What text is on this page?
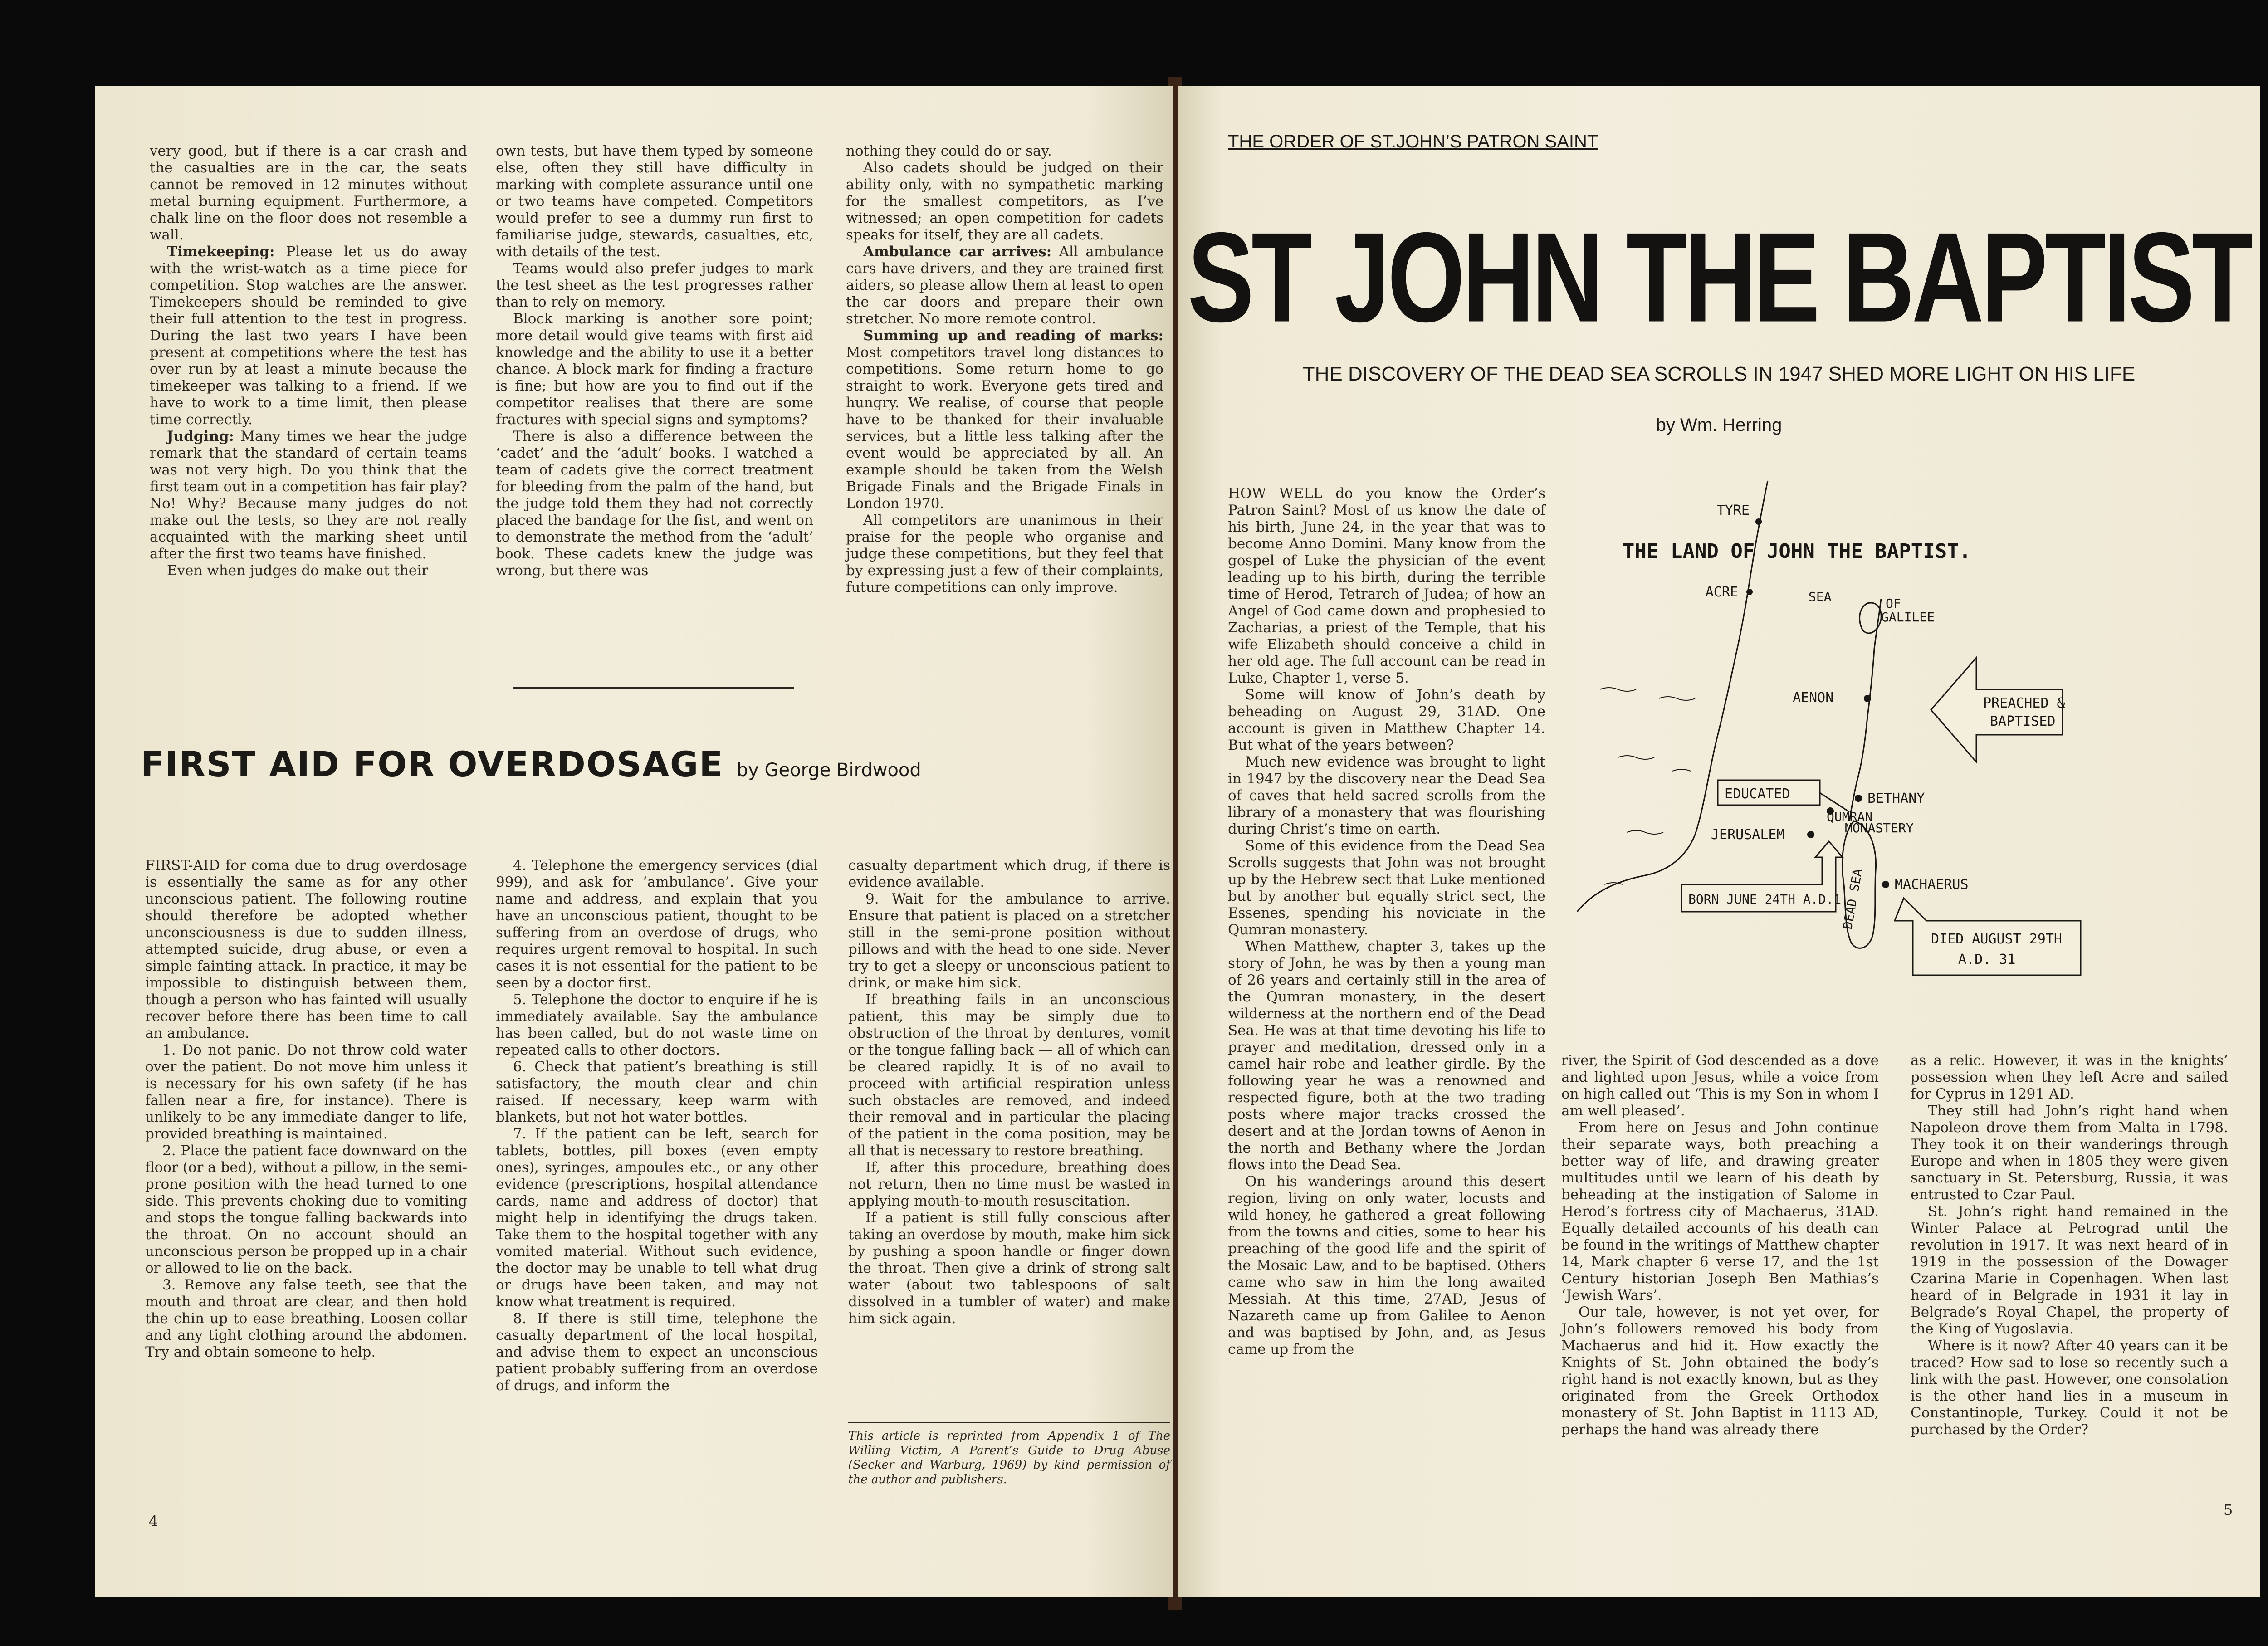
very good, but if there is a car crash and the casualties are in the car, the seats cannot be removed in 12 minutes without metal burning equipment. Furthermore, a chalk line on the floor does not resemble a wall.

Timekeeping: Please let us do away with the wrist-watch as a time piece for competition. Stop watches are the answer. Timekeepers should be reminded to give their full attention to the test in progress. During the last two years I have been present at competitions where the test has over run by at least a minute because the timekeeper was talking to a friend. If we have to work to a time limit, then please time correctly.

Judging: Many times we hear the judge remark that the standard of certain teams was not very high. Do you think that the first team out in a competition has fair play? No! Why? Because many judges do not make out the tests, so they are not really acquainted with the marking sheet until after the first two teams have finished.

Even when judges do make out their

own tests, but have them typed by someone else, often they still have difficulty in marking with complete assurance until one or two teams have competed. Competitors would prefer to see a dummy run first to familiarise judge, stewards, casualties, etc, with details of the test.

Teams would also prefer judges to mark the test sheet as the test progresses rather than to rely on memory.

Block marking is another sore point; more detail would give teams with first aid knowledge and the ability to use it a better chance. A block mark for finding a fracture is fine; but how are you to find out if the competitor realises that there are some fractures with special signs and symptoms?

There is also a difference between the ‘cadet’ and the ‘adult’ books. I watched a team of cadets give the correct treatment for bleeding from the palm of the hand, but the judge told them they had not correctly placed the bandage for the fist, and went on to demonstrate the method from the ‘adult’ book. These cadets knew the judge was wrong, but there was

nothing they could do or say.

Also cadets should be judged on their ability only, with no sympathetic marking for the smallest competitors, as I’ve witnessed; an open competition for cadets speaks for itself, they are all cadets.

Ambulance car arrives: All ambulance cars have drivers, and they are trained first aiders, so please allow them at least to open the car doors and prepare their own stretcher. No more remote control.

Summing up and reading of marks: Most competitors travel long distances to competitions. Some return home to go straight to work. Everyone gets tired and hungry. We realise, of course that people have to be thanked for their invaluable services, but a little less talking after the event would be appreciated by all. An example should be taken from the Welsh Brigade Finals and the Brigade Finals in London 1970.

All competitors are unanimous in their praise for the people who organise and judge these competitions, but they feel that by expressing just a few of their complaints, future competitions can only improve.

FIRST AID FOR OVERDOSAGE by George Birdwood

FIRST-AID for coma due to drug overdosage is essentially the same as for any other unconscious patient. The following routine should therefore be adopted whether unconsciousness is due to sudden illness, attempted suicide, drug abuse, or even a simple fainting attack. In practice, it may be impossible to distinguish between them, though a person who has fainted will usually recover before there has been time to call an ambulance.

1. Do not panic. Do not throw cold water over the patient. Do not move him unless it is necessary for his own safety (if he has fallen near a fire, for instance). There is unlikely to be any immediate danger to life, provided breathing is maintained.

2. Place the patient face downward on the floor (or a bed), without a pillow, in the semi-prone position with the head turned to one side. This prevents choking due to vomiting and stops the tongue falling backwards into the throat. On no account should an unconscious person be propped up in a chair or allowed to lie on the back.

3. Remove any false teeth, see that the mouth and throat are clear, and then hold the chin up to ease breathing. Loosen collar and any tight clothing around the abdomen. Try and obtain someone to help.

4. Telephone the emergency services (dial 999), and ask for ‘ambulance’. Give your name and address, and explain that you have an unconscious patient, thought to be suffering from an overdose of drugs, who requires urgent removal to hospital. In such cases it is not essential for the patient to be seen by a doctor first.

5. Telephone the doctor to enquire if he is immediately available. Say the ambulance has been called, but do not waste time on repeated calls to other doctors.

6. Check that patient’s breathing is still satisfactory, the mouth clear and chin raised. If necessary, keep warm with blankets, but not hot water bottles.

7. If the patient can be left, search for tablets, bottles, pill boxes (even empty ones), syringes, ampoules etc., or any other evidence (prescriptions, hospital attendance cards, name and address of doctor) that might help in identifying the drugs taken. Take them to the hospital together with any vomited material. Without such evidence, the doctor may be unable to tell what drug or drugs have been taken, and may not know what treatment is required.

8. If there is still time, telephone the casualty department of the local hospital, and advise them to expect an unconscious patient probably suffering from an overdose of drugs, and inform the

casualty department which drug, if there is evidence available.

9. Wait for the ambulance to arrive. Ensure that patient is placed on a stretcher still in the semi-prone position without pillows and with the head to one side. Never try to get a sleepy or unconscious patient to drink, or make him sick.

If breathing fails in an unconscious patient, this may be simply due to obstruction of the throat by dentures, vomit or the tongue falling back — all of which can be cleared rapidly. It is of no avail to proceed with artificial respiration unless such obstacles are removed, and indeed their removal and in particular the placing of the patient in the coma position, may be all that is necessary to restore breathing.

If, after this procedure, breathing does not return, then no time must be wasted in applying mouth-to-mouth resuscitation.

If a patient is still fully conscious after taking an overdose by mouth, make him sick by pushing a spoon handle or finger down the throat. Then give a drink of strong salt water (about two tablespoons of salt dissolved in a tumbler of water) and make him sick again.

This article is reprinted from Appendix 1 of The Willing Victim, A Parent’s Guide to Drug Abuse (Secker and Warburg, 1969) by kind permission of the author and publishers.
4
THE ORDER OF ST.JOHN’S PATRON SAINT
ST JOHN THE BAPTIST
THE DISCOVERY OF THE DEAD SEA SCROLLS IN 1947 SHED MORE LIGHT ON HIS LIFE
by Wm. Herring

HOW WELL do you know the Order’s Patron Saint? Most of us know the date of his birth, June 24, in the year that was to become Anno Domini. Many know from the gospel of Luke the physician of the event leading up to his birth, during the terrible time of Herod, Tetrarch of Judea; of how an Angel of God came down and prophesied to Zacharias, a priest of the Temple, that his wife Elizabeth should conceive a child in her old age. The full account can be read in Luke, Chapter 1, verse 5.

Some will know of John’s death by beheading on August 29, 31AD. One account is given in Matthew Chapter 14. But what of the years between?

Much new evidence was brought to light in 1947 by the discovery near the Dead Sea of caves that held sacred scrolls from the library of a monastery that was flourishing during Christ’s time on earth.

Some of this evidence from the Dead Sea Scrolls suggests that John was not brought up by the Hebrew sect that Luke mentioned but by another but equally strict sect, the Essenes, spending his noviciate in the Qumran monastery.

When Matthew, chapter 3, takes up the story of John, he was by then a young man of 26 years and certainly still in the area of the Qumran monastery, in the desert wilderness at the northern end of the Dead Sea. He was at that time devoting his life to prayer and meditation, dressed only in a camel hair robe and leather girdle. By the following year he was a renowned and respected figure, both at the two trading posts where major tracks crossed the desert and at the Jordan towns of Aenon in the north and Bethany where the Jordan flows into the Dead Sea.

On his wanderings around this desert region, living on only water, locusts and wild honey, he gathered a great following from the towns and cities, some to hear his preaching of the good life and the spirit of the Mosaic Law, and to be baptised. Others came who saw in him the long awaited Messiah. At this time, 27AD, Jesus of Nazareth came up from Galilee to Aenon and was baptised by John, and, as Jesus came up from the

river, the Spirit of God descended as a dove and lighted upon Jesus, while a voice from on high called out ‘This is my Son in whom I am well pleased’.

From here on Jesus and John continue their separate ways, both preaching a better way of life, and drawing greater multitudes until we learn of his death by beheading at the instigation of Salome in Herod’s fortress city of Machaerus, 31AD. Equally detailed accounts of his death can be found in the writings of Matthew chapter 14, Mark chapter 6 verse 17, and the 1st Century historian Joseph Ben Mathias’s ‘Jewish Wars’.

Our tale, however, is not yet over, for John’s followers removed his body from Machaerus and hid it. How exactly the Knights of St. John obtained the body’s right hand is not exactly known, but as they originated from the Greek Orthodox monastery of St. John Baptist in 1113 AD, perhaps the hand was already there

as a relic. However, it was in the knights’ possession when they left Acre and sailed for Cyprus in 1291 AD.

They still had John’s right hand when Napoleon drove them from Malta in 1798. They took it on their wanderings through Europe and when in 1805 they were given sanctuary in St. Petersburg, Russia, it was entrusted to Czar Paul.

St. John’s right hand remained in the Winter Palace at Petrograd until the revolution in 1917. It was next heard of in 1919 in the possession of the Dowager Czarina Marie in Copenhagen. When last heard of in Belgrade in 1931 it lay in Belgrade’s Royal Chapel, the property of the King of Yugoslavia.

Where is it now? After 40 years can it be traced? How sad to lose so recently such a link with the past. However, one consolation is the other hand lies in a museum in Constantinople, Turkey. Could it not be purchased by the Order?

TYRE
THE LAND OF JOHN THE BAPTIST.
ACRE	SEA	OF
GALILEE
AENON
BETHANY
QUMRAN
MONASTERY
JERUSALEM
MACHAERUS
DEAD SEA
PREACHED &
BAPTISED
EDUCATED
BORN JUNE 24TH A.D.1
DIED AUGUST 29TH
A.D. 31
5
